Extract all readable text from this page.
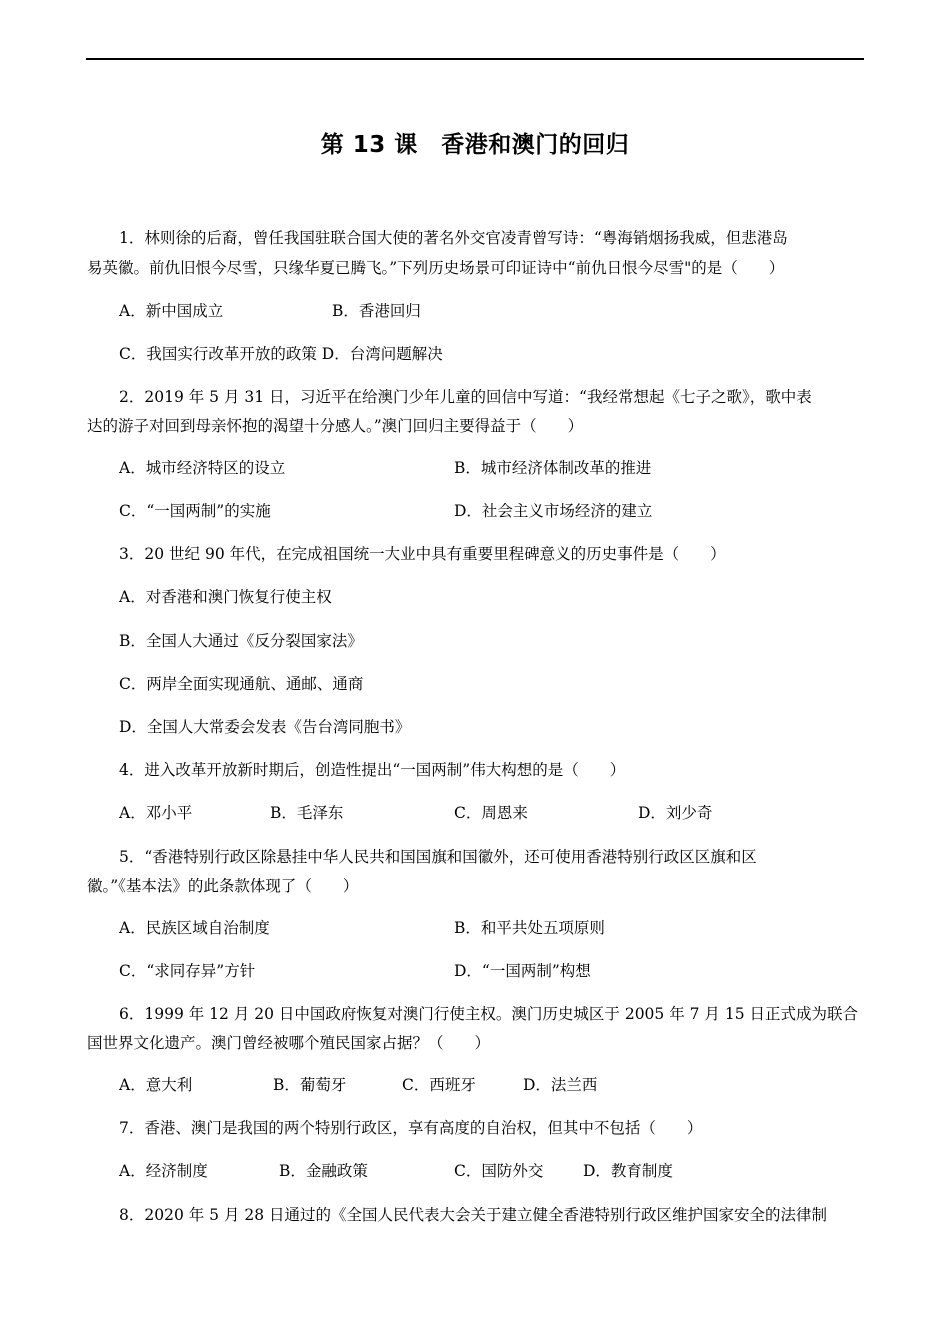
第 13 课　香港和澳门的回归
1．林则徐的后裔，曾任我国驻联合国大使的著名外交官凌青曾写诗：“粤海销烟扬我威，但悲港岛
易英徽。前仇旧恨今尽雪，只缘华夏已腾飞。”下列历史场景可印证诗中“前仇日恨今尽雪"的是（　　）
A．新中国成立	B．香港回归
C．我国实行改革开放的政策 D．台湾问题解决
2．2019 年 5 月 31 日，习近平在给澳门少年儿童的回信中写道：“我经常想起《七子之歌》，歌中表
达的游子对回到母亲怀抱的渴望十分感人。”澳门回归主要得益于（　　）
A．城市经济特区的设立	B．城市经济体制改革的推进
C．“一国两制”的实施	D．社会主义市场经济的建立
3．20 世纪 90 年代，在完成祖国统一大业中具有重要里程碑意义的历史事件是（　　）
A．对香港和澳门恢复行使主权
B．全国人大通过《反分裂国家法》
C．两岸全面实现通航、通邮、通商
D．全国人大常委会发表《告台湾同胞书》
4．进入改革开放新时期后，创造性提出“一国两制”伟大构想的是（　　）
A．邓小平	B．毛泽东	C．周恩来	D．刘少奇
5．“香港特别行政区除悬挂中华人民共和国国旗和国徽外，还可使用香港特别行政区区旗和区
徽。”《基本法》的此条款体现了（　　）
A．民族区域自治制度	B．和平共处五项原则
C．“求同存异”方针	D．“一国两制”构想
6．1999 年 12 月 20 日中国政府恢复对澳门行使主权。澳门历史城区于 2005 年 7 月 15 日正式成为联合
国世界文化遗产。澳门曾经被哪个殖民国家占据？（　　）
A．意大利	B．葡萄牙	C．西班牙	D．法兰西
7．香港、澳门是我国的两个特别行政区，享有高度的自治权，但其中不包括（　　）
A．经济制度	B．金融政策	C．国防外交	D．教育制度
8．2020 年 5 月 28 日通过的《全国人民代表大会关于建立健全香港特别行政区维护国家安全的法律制
